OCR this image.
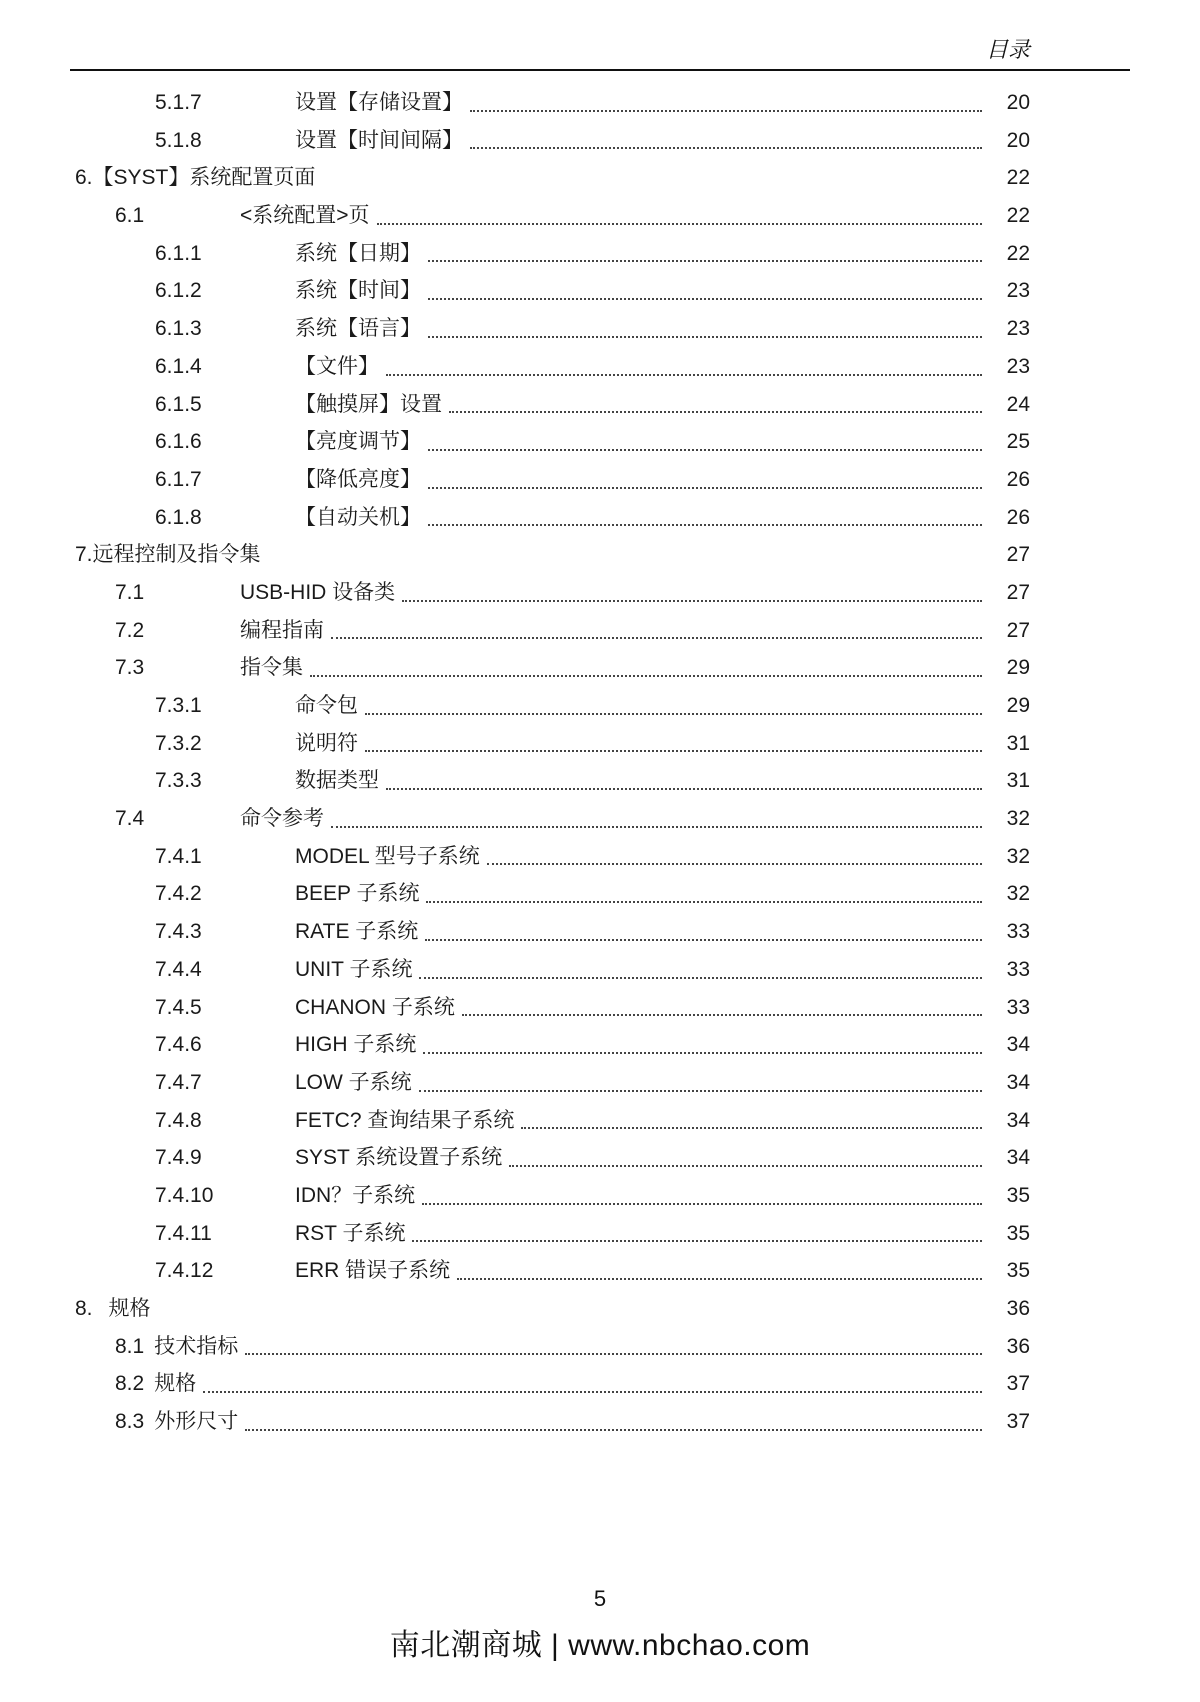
目录
5.1.7	设置【存储设置】	20
5.1.8	设置【时间间隔】	20
6. 【SYST】系统配置页面	22
6.1	<系统配置>页	22
6.1.1	系统【日期】	22
6.1.2	系统【时间】	23
6.1.3	系统【语言】	23
6.1.4	【文件】	23
6.1.5	【触摸屏】设置	24
6.1.6	【亮度调节】	25
6.1.7	【降低亮度】	26
6.1.8	【自动关机】	26
7. 远程控制及指令集	27
7.1	USB-HID 设备类	27
7.2	编程指南	27
7.3	指令集	29
7.3.1	命令包	29
7.3.2	说明符	31
7.3.3	数据类型	31
7.4	命令参考	32
7.4.1	MODEL 型号子系统	32
7.4.2	BEEP 子系统	32
7.4.3	RATE 子系统	33
7.4.4	UNIT 子系统	33
7.4.5	CHANON 子系统	33
7.4.6	HIGH 子系统	34
7.4.7	LOW 子系统	34
7.4.8	FETC? 查询结果子系统	34
7.4.9	SYST 系统设置子系统	34
7.4.10	IDN？子系统	35
7.4.11	RST 子系统	35
7.4.12	ERR 错误子系统	35
8. 规格	36
8.1 技术指标	36
8.2 规格	37
8.3 外形尺寸	37
5
南北潮商城 | www.nbchao.com
